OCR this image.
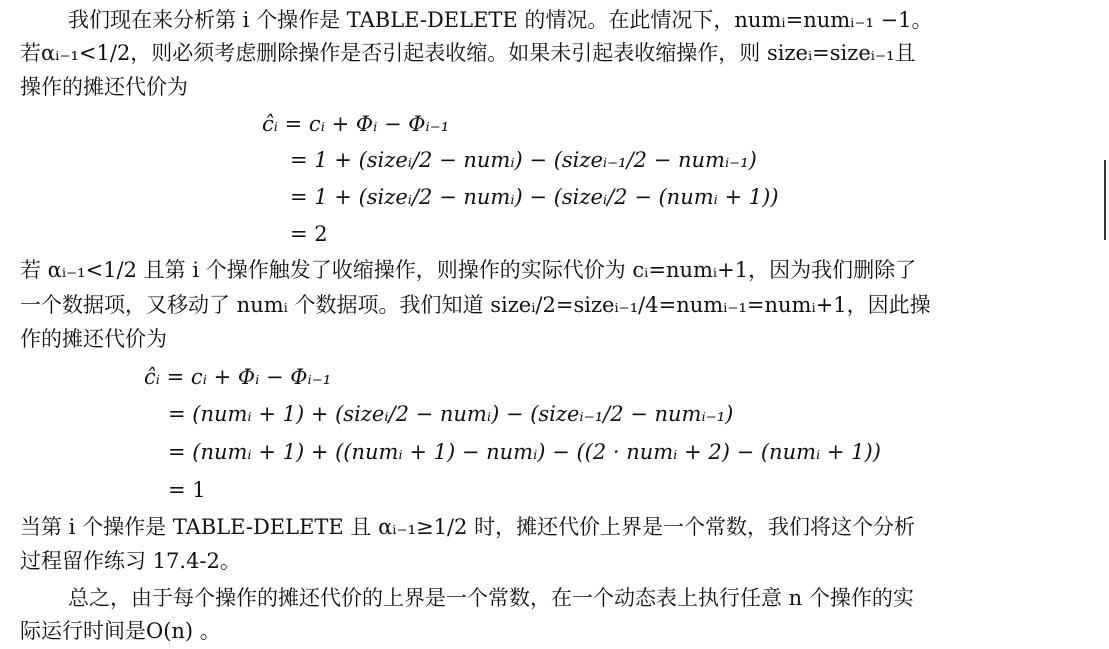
我们现在来分析第 i 个操作是 TABLE-DELETE 的情况。在此情况下，numᵢ=numᵢ₋₁ −1。
若αᵢ₋₁<1/2，则必须考虑删除操作是否引起表收缩。如果未引起表收缩操作，则 sizeᵢ=sizeᵢ₋₁且
操作的摊还代价为
ĉᵢ = cᵢ + Φᵢ − Φᵢ₋₁
= 1 + (sizeᵢ/2 − numᵢ) − (sizeᵢ₋₁/2 − numᵢ₋₁)
= 1 + (sizeᵢ/2 − numᵢ) − (sizeᵢ/2 − (numᵢ + 1))
= 2
若 αᵢ₋₁<1/2 且第 i 个操作触发了收缩操作，则操作的实际代价为 cᵢ=numᵢ+1，因为我们删除了
一个数据项，又移动了 numᵢ 个数据项。我们知道 sizeᵢ/2=sizeᵢ₋₁/4=numᵢ₋₁=numᵢ+1，因此操
作的摊还代价为
ĉᵢ = cᵢ + Φᵢ − Φᵢ₋₁
= (numᵢ + 1) + (sizeᵢ/2 − numᵢ) − (sizeᵢ₋₁/2 − numᵢ₋₁)
= (numᵢ + 1) + ((numᵢ + 1) − numᵢ) − ((2 · numᵢ + 2) − (numᵢ + 1))
= 1
当第 i 个操作是 TABLE-DELETE 且 αᵢ₋₁≥1/2 时，摊还代价上界是一个常数，我们将这个分析
过程留作练习 17.4-2。
总之，由于每个操作的摊还代价的上界是一个常数，在一个动态表上执行任意 n 个操作的实
际运行时间是O(n) 。
